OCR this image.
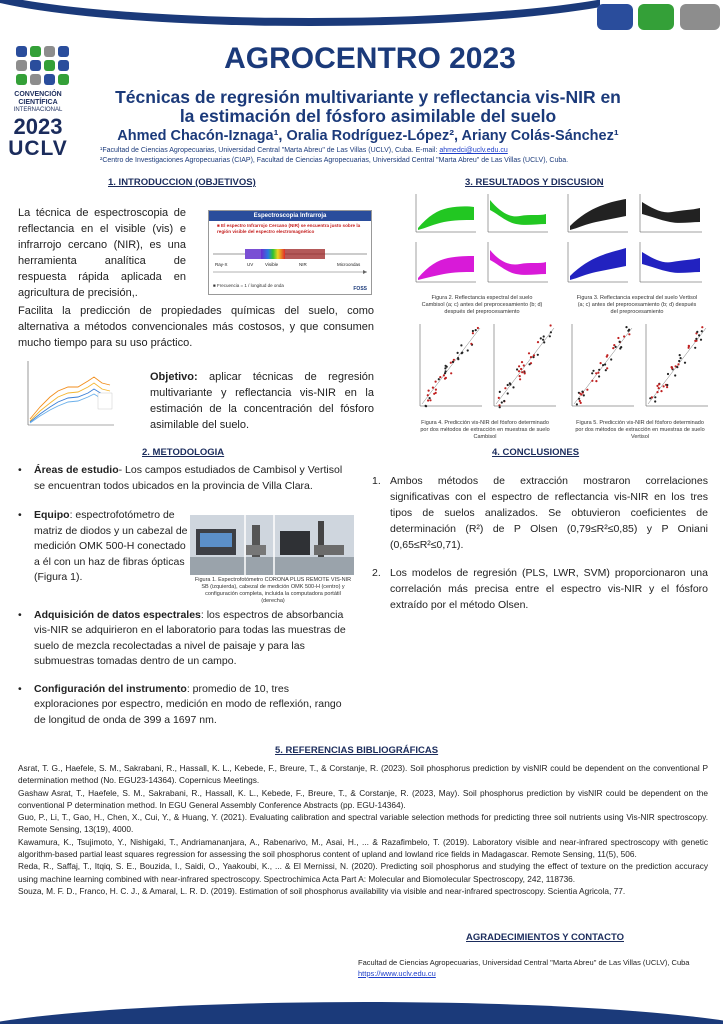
CONVENCIÓN
CIENTÍFICA
INTERNACIONAL
2023
UCLV
AGROCENTRO 2023
Técnicas de regresión multivariante y reflectancia vis-NIR en
la estimación del fósforo asimilable del suelo
Ahmed Chacón-Iznaga¹, Oralia Rodríguez-López², Ariany Colás-Sánchez¹
¹Facultad de Ciencias Agropecuarias, Universidad Central "Marta Abreu" de Las Villas (UCLV), Cuba. E-mail: ahmedci@uclv.edu.cu
²Centro de Investigaciones Agropecuarias (CIAP), Facultad de Ciencias Agropecuarias, Universidad Central "Marta Abreu" de Las Villas (UCLV), Cuba.
1. INTRODUCCION (OBJETIVOS)
La técnica de espectroscopia de reflectancia en el visible (vis) e infrarrojo cercano (NIR), es una herramienta analítica de respuesta rápida aplicada en agricultura de precisión,.
Espectroscopia Infrarroja
■ El espectro Infrarrojo Cercano (NIR) se encuentra justo sobre la región visible del espectro electromagnético
Ray-X	UV	Visible	NIR	Microondas
■ Frecuencia = 1 / longitud de onda
FOSS
Facilita la predicción de propiedades químicas del suelo, como alternativa a métodos convencionales más costosos, y que consumen mucho tiempo para su uso práctico.
Objetivo: aplicar técnicas de regresión multivariante y reflectancia vis-NIR en la estimación de la concentración del fósforo asimilable del suelo.
2. METODOLOGIA
• Áreas de estudio- Los campos estudiados de Cambisol y Vertisol se encuentran todos ubicados en la provincia de Villa Clara.
• Equipo: espectrofotómetro de matriz de diodos y un cabezal de medición OMK 500-H conectado a él con un haz de fibras ópticas (Figura 1).
• Adquisición de datos espectrales: los espectros de absorbancia vis-NIR se adquirieron en el laboratorio para todas las muestras de suelo de mezcla recolectadas a nivel de paisaje y para las submuestras tomadas dentro de un campo.
• Configuración del instrumento: promedio de 10, tres exploraciones por espectro, medición en modo de reflexión, rango de longitud de onda de 399 a 1697 nm.
Figura 1. Espectrofotómetro CORONA PLUS REMOTE VIS-NIR SB (izquierda), cabezal de medición OMK 500-H (centro) y configuración completa, incluida la computadora portátil (derecha)
3. RESULTADOS Y DISCUSION
Figura 2. Reflectancia espectral del suelo Cambisol (a; c) antes del preprocesamiento (b; d) después del preprocesamiento
Figura 3. Reflectancia espectral del suelo Vertisol (a; c) antes del preprocesamiento (b; d) después del preprocesamiento
Figura 4. Predicción vis-NIR del fósforo determinado por dos métodos de extracción en muestras de suelo Cambisol
Figura 5. Predicción vis-NIR del fósforo determinado por dos métodos de extracción en muestras de suelo Vertisol
4. CONCLUSIONES
1. Ambos métodos de extracción mostraron correlaciones significativas con el espectro de reflectancia vis-NIR en los tres tipos de suelos analizados. Se obtuvieron coeficientes de determinación (R²) de P Olsen (0,79≤R²≤0,85) y P Oniani (0,65≤R²≤0,71).
2. Los modelos de regresión (PLS, LWR, SVM) proporcionaron una correlación más precisa entre el espectro vis-NIR y el fósforo extraído por el método Olsen.
5. REFERENCIAS BIBLIOGRÁFICAS

Asrat, T. G., Haefele, S. M., Sakrabani, R., Hassall, K. L., Kebede, F., Breure, T., & Corstanje, R. (2023). Soil phosphorus prediction by visNIR could be dependent on the conventional P determination method (No. EGU23-14364). Copernicus Meetings.

Gashaw Asrat, T., Haefele, S. M., Sakrabani, R., Hassall, K. L., Kebede, F., Breure, T., & Corstanje, R. (2023, May). Soil phosphorus prediction by visNIR could be dependent on the conventional P determination method. In EGU General Assembly Conference Abstracts (pp. EGU-14364).

Guo, P., Li, T., Gao, H., Chen, X., Cui, Y., & Huang, Y. (2021). Evaluating calibration and spectral variable selection methods for predicting three soil nutrients using Vis-NIR spectroscopy. Remote Sensing, 13(19), 4000.

Kawamura, K., Tsujimoto, Y., Nishigaki, T., Andriamananjara, A., Rabenarivo, M., Asai, H., ... & Razafimbelo, T. (2019). Laboratory visible and near-infrared spectroscopy with genetic algorithm-based partial least squares regression for assessing the soil phosphorus content of upland and lowland rice fields in Madagascar. Remote Sensing, 11(5), 506.

Reda, R., Saffaj, T., Itqiq, S. E., Bouzida, I., Saidi, O., Yaakoubi, K., ... & El Mernissi, N. (2020). Predicting soil phosphorus and studying the effect of texture on the prediction accuracy using machine learning combined with near-infrared spectroscopy. Spectrochimica Acta Part A: Molecular and Biomolecular Spectroscopy, 242, 118736.

Souza, M. F. D., Franco, H. C. J., & Amaral, L. R. D. (2019). Estimation of soil phosphorus availability via visible and near-infrared spectroscopy. Scientia Agricola, 77.

AGRADECIMIENTOS Y CONTACTO
Facultad de Ciencias Agropecuarias, Universidad Central "Marta Abreu" de Las Villas (UCLV), Cuba
https://www.uclv.edu.cu
